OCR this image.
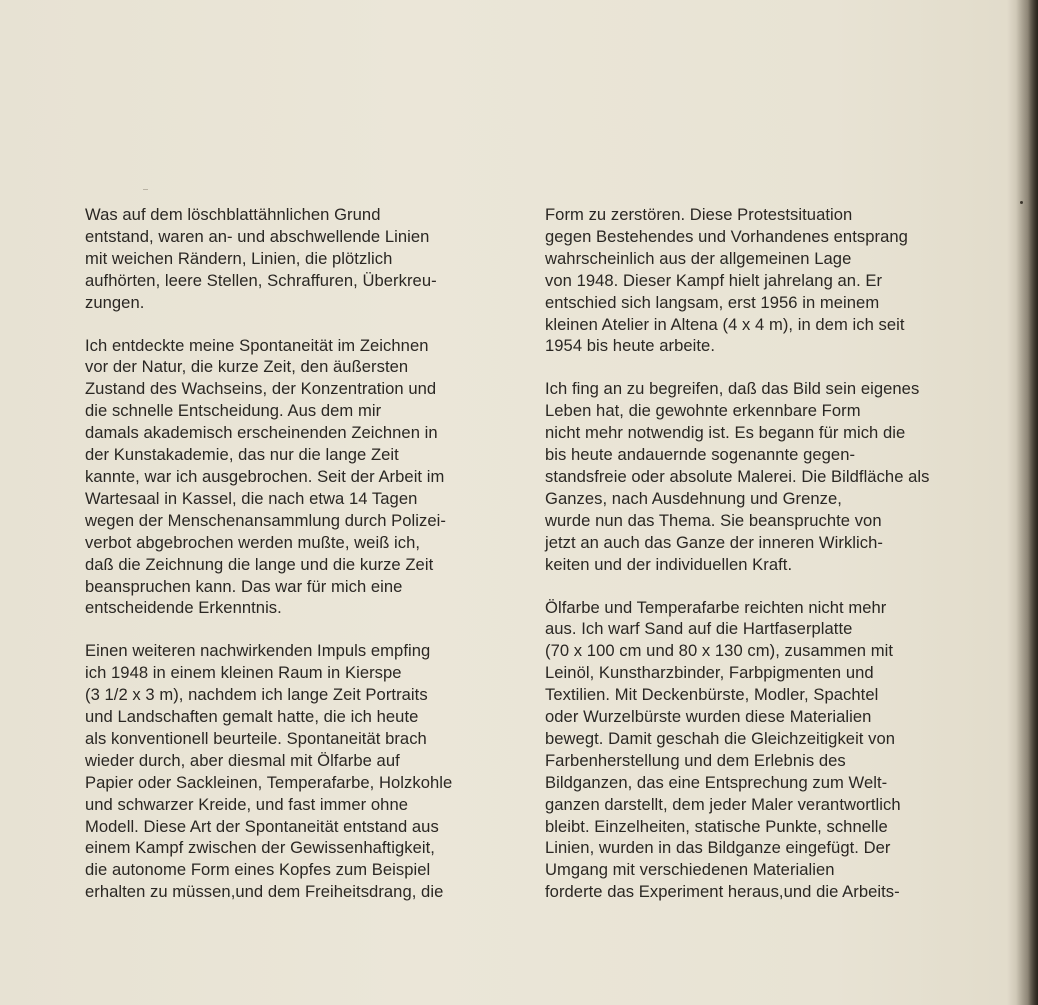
Was auf dem löschblattähnlichen Grund
entstand, waren an- und abschwellende Linien
mit weichen Rändern, Linien, die plötzlich
aufhörten, leere Stellen, Schraffuren, Überkreu-
zungen.

Ich entdeckte meine Spontaneität im Zeichnen
vor der Natur, die kurze Zeit, den äußersten
Zustand des Wachseins, der Konzentration und
die schnelle Entscheidung. Aus dem mir
damals akademisch erscheinenden Zeichnen in
der Kunstakademie, das nur die lange Zeit
kannte, war ich ausgebrochen. Seit der Arbeit im
Wartesaal in Kassel, die nach etwa 14 Tagen
wegen der Menschenansammlung durch Polizei-
verbot abgebrochen werden mußte, weiß ich,
daß die Zeichnung die lange und die kurze Zeit
beanspruchen kann. Das war für mich eine
entscheidende Erkenntnis.

Einen weiteren nachwirkenden Impuls empfing
ich 1948 in einem kleinen Raum in Kierspe
(3 1/2 x 3 m), nachdem ich lange Zeit Portraits
und Landschaften gemalt hatte, die ich heute
als konventionell beurteile. Spontaneität brach
wieder durch, aber diesmal mit Ölfarbe auf
Papier oder Sackleinen, Temperafarbe, Holzkohle
und schwarzer Kreide, und fast immer ohne
Modell. Diese Art der Spontaneität entstand aus
einem Kampf zwischen der Gewissenhaftigkeit,
die autonome Form eines Kopfes zum Beispiel
erhalten zu müssen,und dem Freiheitsdrang, die

Form zu zerstören. Diese Protestsituation
gegen Bestehendes und Vorhandenes entsprang
wahrscheinlich aus der allgemeinen Lage
von 1948. Dieser Kampf hielt jahrelang an. Er
entschied sich langsam, erst 1956 in meinem
kleinen Atelier in Altena (4 x 4 m), in dem ich seit
1954 bis heute arbeite.

Ich fing an zu begreifen, daß das Bild sein eigenes
Leben hat, die gewohnte erkennbare Form
nicht mehr notwendig ist. Es begann für mich die
bis heute andauernde sogenannte gegen-
standsfreie oder absolute Malerei. Die Bildfläche als
Ganzes, nach Ausdehnung und Grenze,
wurde nun das Thema. Sie beanspruchte von
jetzt an auch das Ganze der inneren Wirklich-
keiten und der individuellen Kraft.

Ölfarbe und Temperafarbe reichten nicht mehr
aus. Ich warf Sand auf die Hartfaserplatte
(70 x 100 cm und 80 x 130 cm), zusammen mit
Leinöl, Kunstharzbinder, Farbpigmenten und
Textilien. Mit Deckenbürste, Modler, Spachtel
oder Wurzelbürste wurden diese Materialien
bewegt. Damit geschah die Gleichzeitigkeit von
Farbenherstellung und dem Erlebnis des
Bildganzen, das eine Entsprechung zum Welt-
ganzen darstellt, dem jeder Maler verantwortlich
bleibt. Einzelheiten, statische Punkte, schnelle
Linien, wurden in das Bildganze eingefügt. Der
Umgang mit verschiedenen Materialien
forderte das Experiment heraus,und die Arbeits-
